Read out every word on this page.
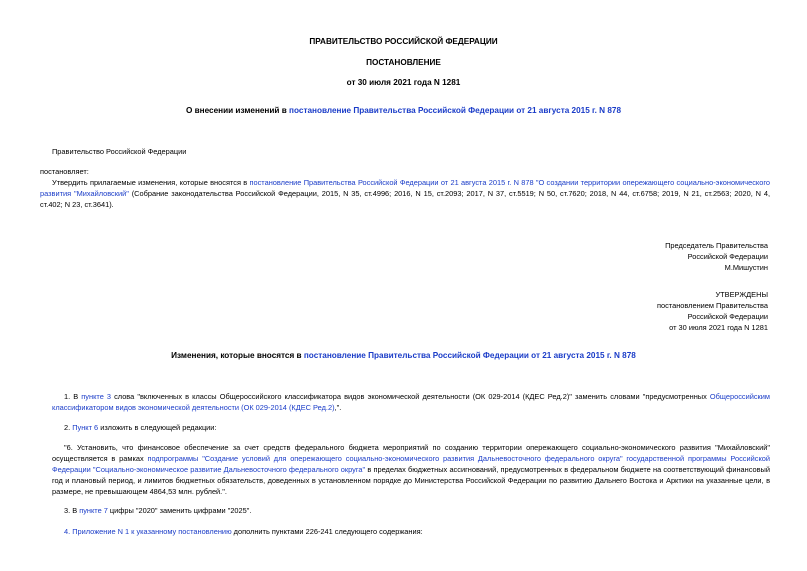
ПРАВИТЕЛЬСТВО РОССИЙСКОЙ ФЕДЕРАЦИИ
ПОСТАНОВЛЕНИЕ
от 30 июля 2021 года N 1281
О внесении изменений в постановление Правительства Российской Федерации от 21 августа 2015 г. N 878
Правительство Российской Федерации
постановляет:
Утвердить прилагаемые изменения, которые вносятся в постановление Правительства Российской Федерации от 21 августа 2015 г. N 878 "О создании территории опережающего социально-экономического развития "Михайловский" (Собрание законодательства Российской Федерации, 2015, N 35, ст.4996; 2016, N 15, ст.2093; 2017, N 37, ст.5519; N 50, ст.7620; 2018, N 44, ст.6758; 2019, N 21, ст.2563; 2020, N 4, ст.402; N 23, ст.3641).
Председатель Правительства
Российской Федерации
М.Мишустин
УТВЕРЖДЕНЫ
постановлением Правительства
Российской Федерации
от 30 июля 2021 года N 1281
Изменения, которые вносятся в постановление Правительства Российской Федерации от 21 августа 2015 г. N 878
1. В пункте 3 слова "включенных в классы Общероссийского классификатора видов экономической деятельности (ОК 029-2014 (КДЕС Ред.2)" заменить словами "предусмотренных Общероссийским классификатором видов экономической деятельности (ОК 029-2014 (КДЕС Ред.2),".
2. Пункт 6 изложить в следующей редакции:
"6. Установить, что финансовое обеспечение за счет средств федерального бюджета мероприятий по созданию территории опережающего социально-экономического развития "Михайловский" осуществляется в рамках подпрограммы "Создание условий для опережающего социально-экономического развития Дальневосточного федерального округа" государственной программы Российской Федерации "Социально-экономическое развитие Дальневосточного федерального округа" в пределах бюджетных ассигнований, предусмотренных в федеральном бюджете на соответствующий финансовый год и плановый период, и лимитов бюджетных обязательств, доведенных в установленном порядке до Министерства Российской Федерации по развитию Дальнего Востока и Арктики на указанные цели, в размере, не превышающем 4864,53 млн. рублей.".
3. В пункте 7 цифры "2020" заменить цифрами "2025".
4. Приложение N 1 к указанному постановлению дополнить пунктами 226-241 следующего содержания:
